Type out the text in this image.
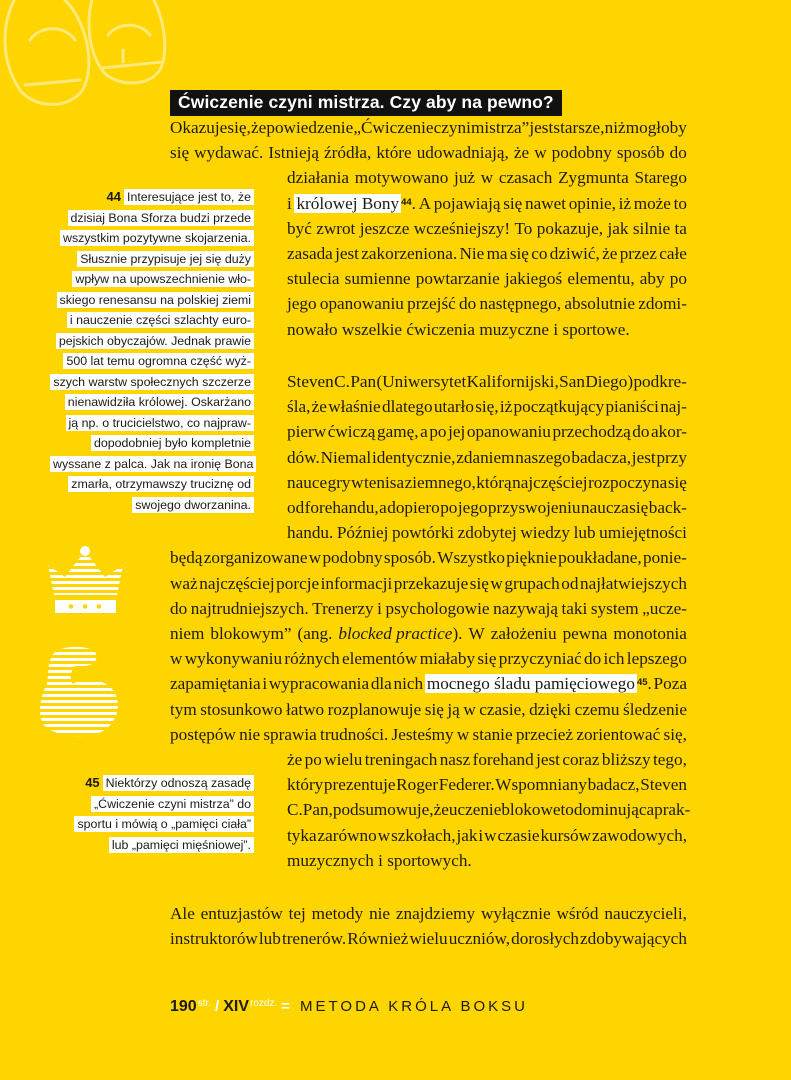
Ćwiczenie czyni mistrza. Czy aby na pewno?
Okazuje się, że powiedzenie „Ćwiczenie czyni mistrza” jest starsze, niż mogłoby
się wydawać. Istnieją źródła, które udowadniają, że w podobny sposób do
działania motywowano już w czasach Zygmunta Starego
i królowej Bony $^{44}$. A pojawiają się nawet opinie, iż może to
być zwrot jeszcze wcześniejszy! To pokazuje, jak silnie ta
zasada jest zakorzeniona. Nie ma się co dziwić, że przez całe
stulecia sumienne powtarzanie jakiegoś elementu, aby po
jego opanowaniu przejść do następnego, absolutnie zdomi-
nowało wszelkie ćwiczenia muzyczne i sportowe.
Steven C. Pan (Uniwersytet Kalifornijski, San Diego) podkre-
śla, że właśnie dlatego utarło się, iż początkujący pianiści naj-
pierw ćwiczą gamę, a po jej opanowaniu przechodzą do akor-
dów. Niemal identycznie, zdaniem naszego badacza, jest przy
nauce gry w tenisa ziemnego, którą najczęściej rozpoczyna się
od forehandu, a dopiero po jego przyswojeniu naucza się back-
handu. Później powtórki zdobytej wiedzy lub umiejętności
będą zorganizowane w podobny sposób. Wszystko pięknie poukładane, ponie-
waż najczęściej porcje informacji przekazuje się w grupach od najłatwiejszych
do najtrudniejszych. Trenerzy i psychologowie nazywają taki system „ucze-
niem blokowym” (ang. blocked practice). W założeniu pewna monotonia
w wykonywaniu różnych elementów miałaby się przyczyniać do ich lepszego
zapamiętania i wypracowania dla nich mocnego śladu pamięciowego $^{45}$. Poza
tym stosunkowo łatwo rozplanowuje się ją w czasie, dzięki czemu śledzenie
postępów nie sprawia trudności. Jesteśmy w stanie przecież zorientować się,
że po wielu treningach nasz forehand jest coraz bliższy tego,
który prezentuje Roger Federer. Wspomniany badacz, Steven
C. Pan, podsumowuje, że uczenie blokowe to dominująca prak-
tyka zarówno w szkołach, jak i w czasie kursów zawodowych,
muzycznych i sportowych.
Ale entuzjastów tej metody nie znajdziemy wyłącznie wśród nauczycieli,
instruktorów lub trenerów. Również wielu uczniów, dorosłych zdobywających
44 Interesujące jest to, że
dzisiaj Bona Sforza budzi przede
wszystkim pozytywne skojarzenia.
Słusznie przypisuje jej się duży
wpływ na upowszechnienie wło-
skiego renesansu na polskiej ziemi
i nauczenie części szlachty euro-
pejskich obyczajów. Jednak prawie
500 lat temu ogromna część wyż-
szych warstw społecznych szczerze
nienawidziła królowej. Oskarżano
ją np. o trucicielstwo, co najpraw-
dopodobniej było kompletnie
wyssane z palca. Jak na ironię Bona
zmarła, otrzymawszy truciznę od
swojego dworzanina.
45 Niektórzy odnoszą zasadę
„Ćwiczenie czyni mistrza” do
sportu i mówią o „pamięci ciała”
lub „pamięci mięśniowej”.
$190^{str.} / XIV^{rozdz.}$ = METODA KRÓLA BOKSU
